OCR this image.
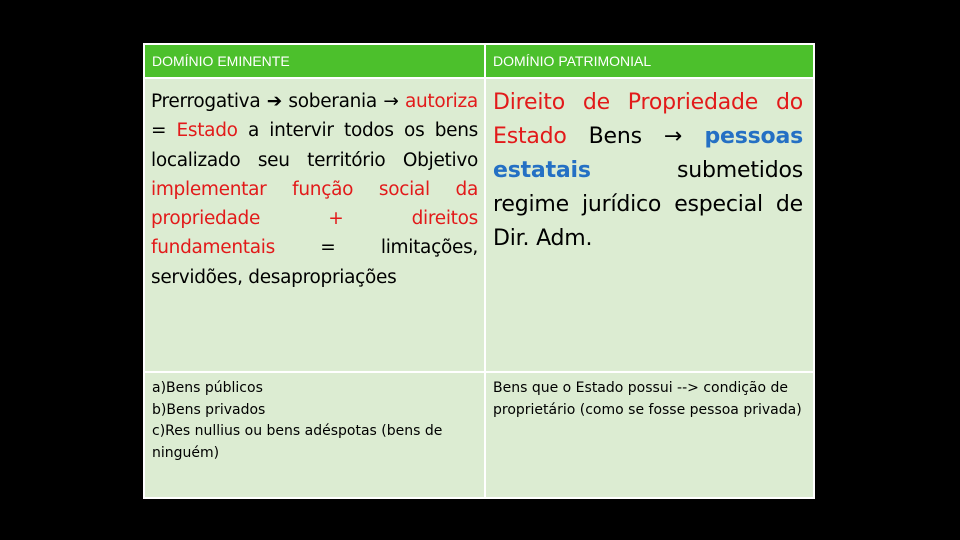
DOMÍNIO EMINENTE	DOMÍNIO PATRIMONIAL

Prerrogativa ➔ soberania → autoriza = Estado a intervir todos os bens localizado seu território Objetivo implementar função social da propriedade + direitos fundamentais = limitações, servidões, desapropriações	Direito de Propriedade do Estado Bens → pessoas estatais submetidos regime jurídico especial de Dir. Adm.

a)Bens públicos
b)Bens privados
c)Res nullius ou bens adéspotas (bens de ninguém)	Bens que o Estado possui --> condição de proprietário (como se fosse pessoa privada)
